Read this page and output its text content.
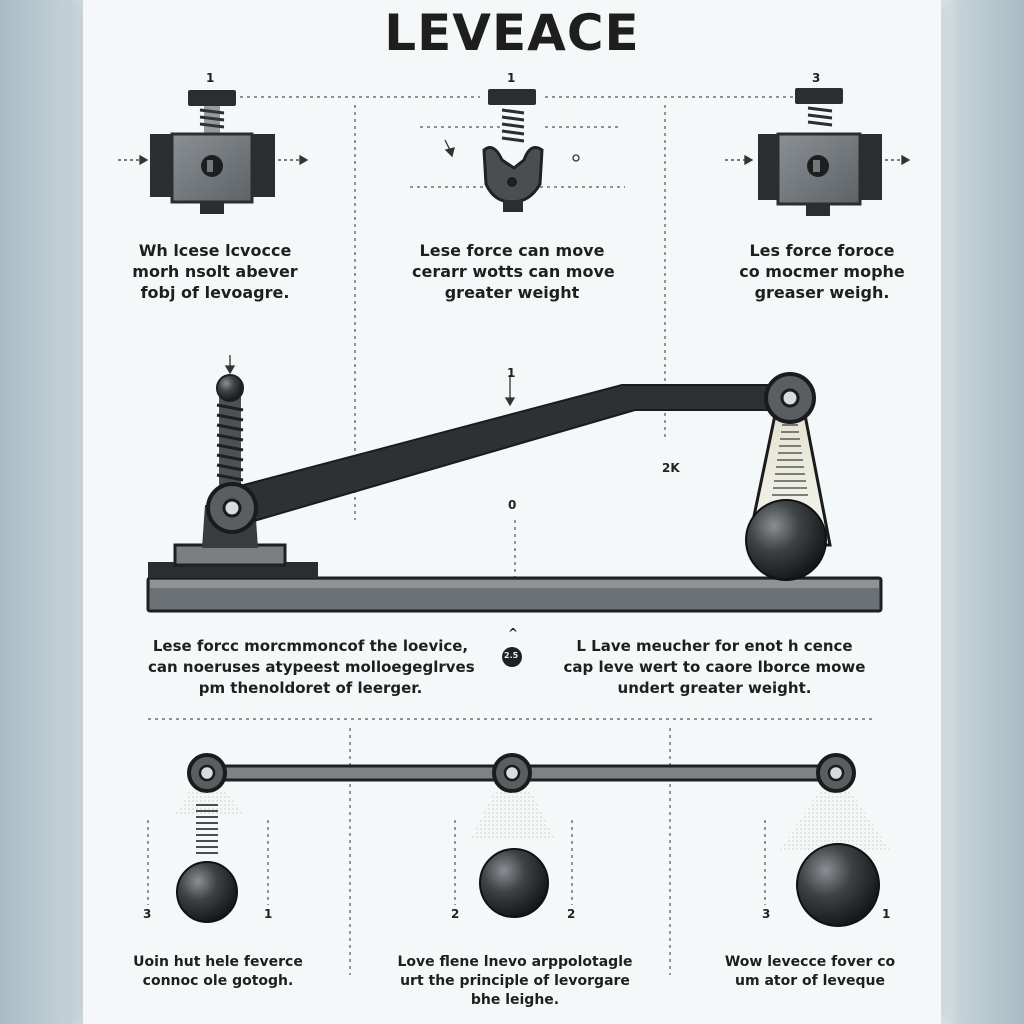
LEVEACE
1	1	3
1
0
2K
^
2.5
3	1	2	2	3	1
Wh lcese lcvocce
morh nsolt abever
fobj of levoagre.
Lese force can move
cerarr wotts can move
greater weight
Les force foroce
co mocmer mophe
greaser weigh.
Lese forcc morcmmoncof the loevice,
can noeruses atypeest molloegeglrves
pm thenoldoret of leerger.
L Lave meucher for enot h cence
cap leve wert to caore lborce mowe
undert greater weight.
Uoin hut hele feverce
connoc ole gotogh.
Love flene lnevo arppolotagle
urt the principle of levorgare
bhe leighe.
Wow levecce fover co
um ator of leveque
